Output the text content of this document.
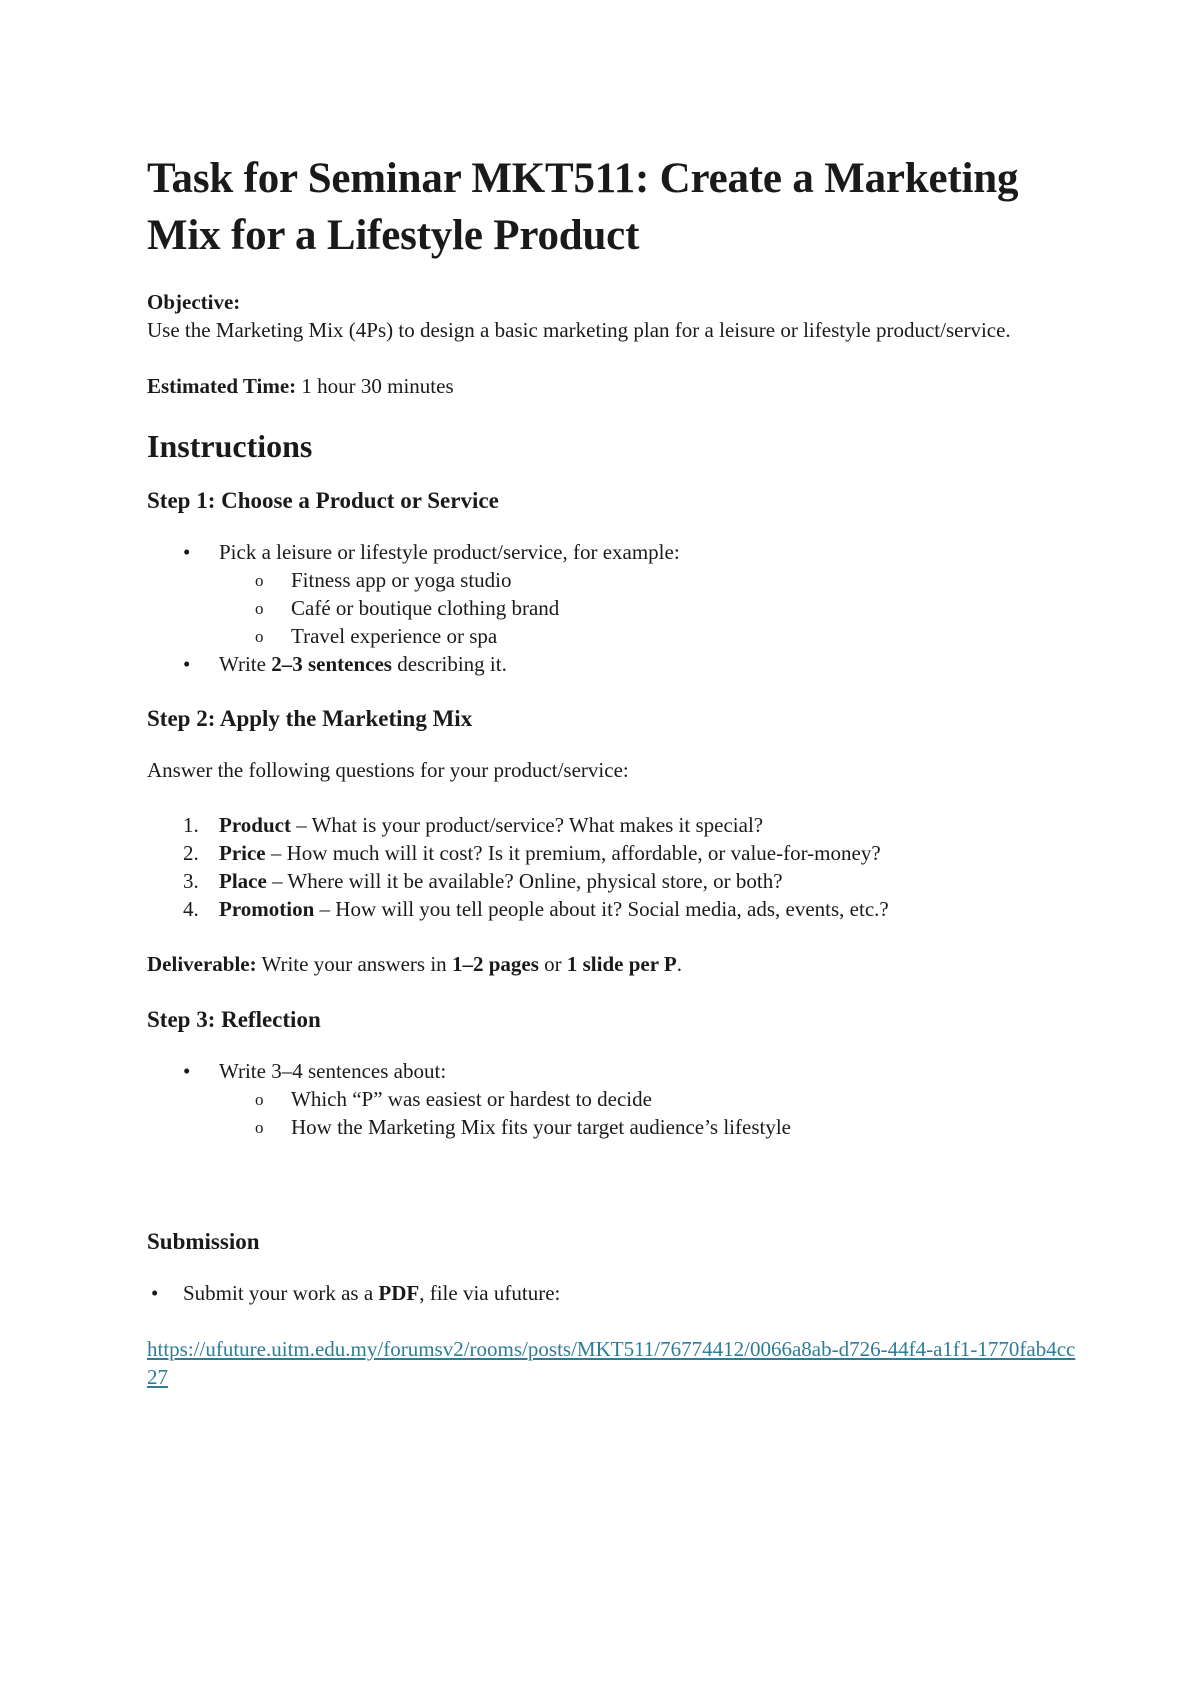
Task for Seminar MKT511: Create a Marketing Mix for a Lifestyle Product

Objective:

Use the Marketing Mix (4Ps) to design a basic marketing plan for a leisure or lifestyle product/service.

Estimated Time: 1 hour 30 minutes

Instructions
Step 1: Choose a Product or Service
• Pick a leisure or lifestyle product/service, for example:
o Fitness app or yoga studio
o Café or boutique clothing brand
o Travel experience or spa
• Write 2–3 sentences describing it.
Step 2: Apply the Marketing Mix

Answer the following questions for your product/service:

1. Product – What is your product/service? What makes it special?
2. Price – How much will it cost? Is it premium, affordable, or value-for-money?
3. Place – Where will it be available? Online, physical store, or both?
4. Promotion – How will you tell people about it? Social media, ads, events, etc.?

Deliverable: Write your answers in 1–2 pages or 1 slide per P.

Step 3: Reflection
• Write 3–4 sentences about:
o Which “P” was easiest or hardest to decide
o How the Marketing Mix fits your target audience’s lifestyle
Submission
• Submit your work as a PDF, file via ufuture:
https://ufuture.uitm.edu.my/forumsv2/rooms/posts/MKT511/76774412/0066a8ab-d726-44f4-a1f1-1770fab4cc27
